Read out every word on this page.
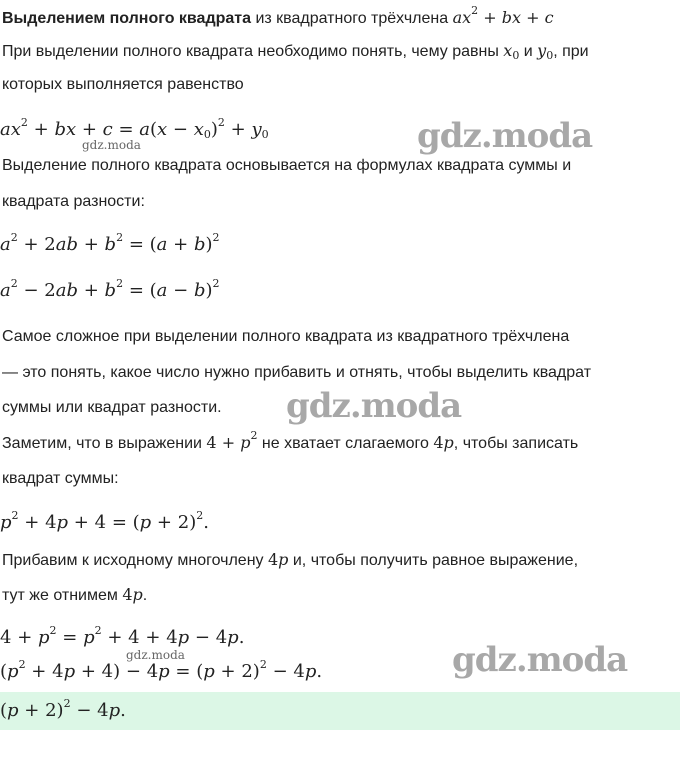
Выделением полного квадрата из квадратного трёхчлена $ax^2$ + bx + c
При выделении полного квадрата необходимо понять, чему равны $x_0$ и $y_0$, при
которых выполняется равенство
$ax^2$ + bx + $c = a(x - x_0)^2 + y_0$
gdz.moda	gdz.moda
Выделение полного квадрата основывается на формулах квадрата суммы и
квадрата разности:
$a^2 + 2ab + b^2 = (a + b)^2$
$a^2 - 2ab + b^2 = (a - b)^2$
Самое сложное при выделении полного квадрата из квадратного трёхчлена
— это понять, какое число нужно прибавить и отнять, чтобы выделить квадрат
суммы или квадрат разности. gdz.moda
Заметим, что в выражении $4 + p^2$ не хватает слагаемого 4p, чтобы записать
квадрат суммы:
$p^2 + 4p + 4 = (p + 2)^2$.
Прибавим к исходному многочлену 4p и, чтобы получить равное выражение,
тут же отнимем 4p.
$4 + p^2 = p^2 + 4 + 4p - 4p$.
gdz.moda	gdz.moda
$(p^2 + 4p + 4) - 4p = (p + 2)^2 - 4p$.
$(p + 2)^2 - 4p$.
